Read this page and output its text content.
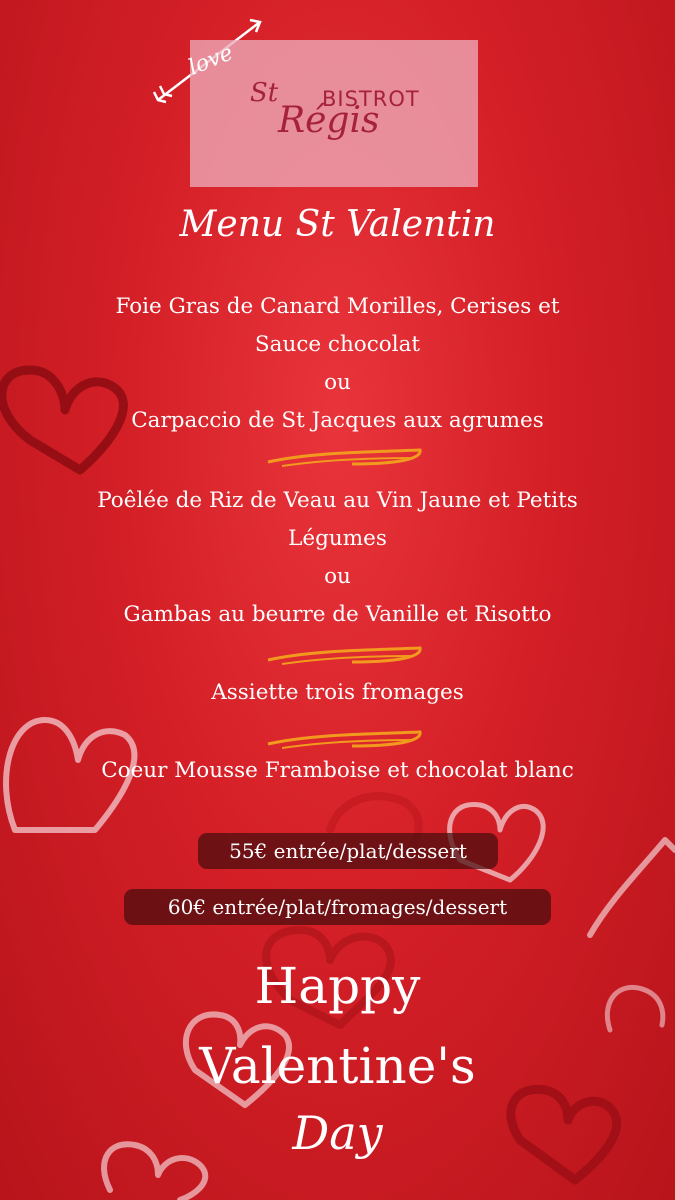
St BISTROT
Régis
love
Menu St Valentin
Foie Gras de Canard Morilles, Cerises et
Sauce chocolat
ou
Carpaccio de St Jacques aux agrumes
Poêlée de Riz de Veau au Vin Jaune et Petits
Légumes
ou
Gambas au beurre de Vanille et Risotto
Assiette trois fromages
Coeur Mousse Framboise et chocolat blanc
55€ entrée/plat/dessert
60€ entrée/plat/fromages/dessert
Happy
Valentine's
Day
